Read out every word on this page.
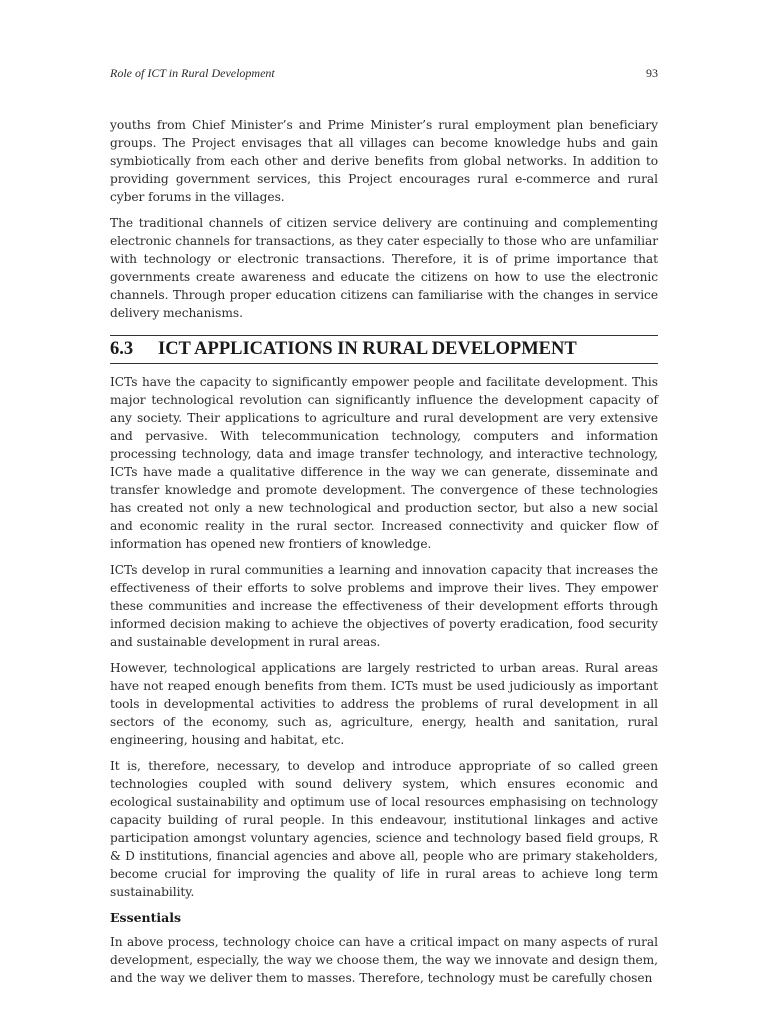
Role of ICT in Rural Development	93

youths from Chief Minister’s and Prime Minister’s rural employment plan beneficiary groups. The Project envisages that all villages can become knowledge hubs and gain symbiotically from each other and derive benefits from global networks. In addition to providing government services, this Project encourages rural e-commerce and rural cyber forums in the villages.

The traditional channels of citizen service delivery are continuing and complementing electronic channels for transactions, as they cater especially to those who are unfamiliar with technology or electronic transactions. Therefore, it is of prime importance that governments create awareness and educate the citizens on how to use the electronic channels. Through proper education citizens can familiarise with the changes in service delivery mechanisms.

6.3	ICT APPLICATIONS IN RURAL DEVELOPMENT

ICTs have the capacity to significantly empower people and facilitate development. This major technological revolution can significantly influence the development capacity of any society. Their applications to agriculture and rural development are very extensive and pervasive. With telecommunication technology, computers and information processing technology, data and image transfer technology, and interactive technology, ICTs have made a qualitative difference in the way we can generate, disseminate and transfer knowledge and promote development. The convergence of these technologies has created not only a new technological and production sector, but also a new social and economic reality in the rural sector. Increased connectivity and quicker flow of information has opened new frontiers of knowledge.

ICTs develop in rural communities a learning and innovation capacity that increases the effectiveness of their efforts to solve problems and improve their lives. They empower these communities and increase the effectiveness of their development efforts through informed decision making to achieve the objectives of poverty eradication, food security and sustainable development in rural areas.

However, technological applications are largely restricted to urban areas. Rural areas have not reaped enough benefits from them. ICTs must be used judiciously as important tools in developmental activities to address the problems of rural development in all sectors of the economy, such as, agriculture, energy, health and sanitation, rural engineering, housing and habitat, etc.

It is, therefore, necessary, to develop and introduce appropriate of so called green technologies coupled with sound delivery system, which ensures economic and ecological sustainability and optimum use of local resources emphasising on technology capacity building of rural people. In this endeavour, institutional linkages and active participation amongst voluntary agencies, science and technology based field groups, R & D institutions, financial agencies and above all, people who are primary stakeholders, become crucial for improving the quality of life in rural areas to achieve long term sustainability.

Essentials

In above process, technology choice can have a critical impact on many aspects of rural development, especially, the way we choose them, the way we innovate and design them, and the way we deliver them to masses. Therefore, technology must be carefully chosen
